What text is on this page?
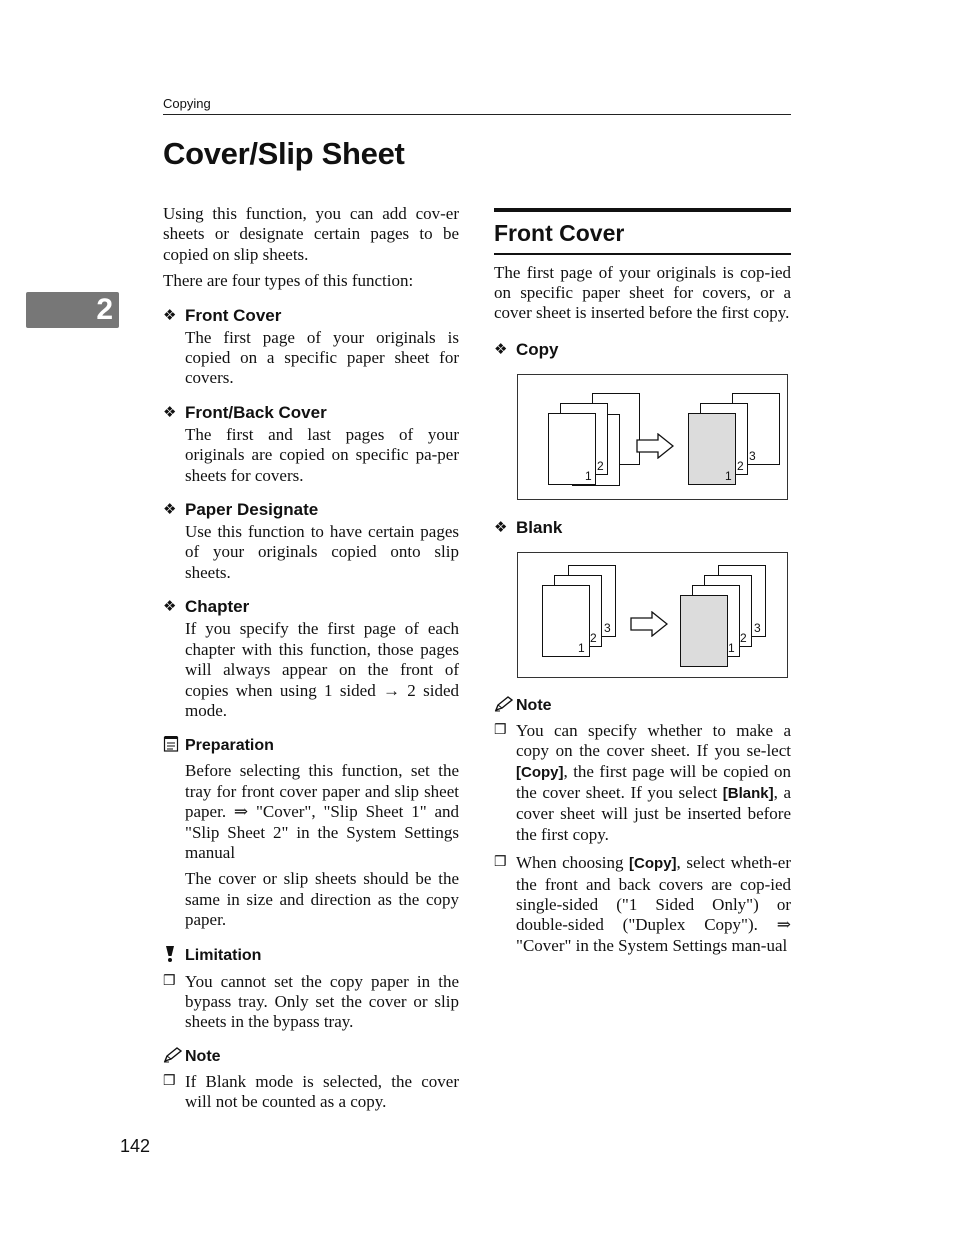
Copying
Cover/Slip Sheet
2

Using this function, you can add cov-er sheets or designate certain pages to be copied on slip sheets.

There are four types of this function:

❖ Front Cover

The first page of your originals is copied on a specific paper sheet for covers.

❖ Front/Back Cover

The first and last pages of your originals are copied on specific pa-per sheets for covers.

❖ Paper Designate

Use this function to have certain pages of your originals copied onto slip sheets.

❖ Chapter

If you specify the first page of each chapter with this function, those pages will always appear on the front of copies when using 1 sided → 2 sided mode.

Preparation

Before selecting this function, set the tray for front cover paper and slip sheet paper. ⇒ "Cover", "Slip Sheet 1" and "Slip Sheet 2" in the System Settings manual

The cover or slip sheets should be the same in size and direction as the copy paper.

Limitation
❒ You cannot set the copy paper in the bypass tray. Only set the cover or slip sheets in the bypass tray.

Note
❒ If Blank mode is selected, the cover will not be counted as a copy.

Front Cover

The first page of your originals is cop-ied on specific paper sheet for covers, or a cover sheet is inserted before the first copy.

❖ Copy
2
1
3
2
1
❖ Blank
3
2
1
3
2
1
Note
❒ You can specify whether to make a copy on the cover sheet. If you se-lect [Copy], the first page will be copied on the cover sheet. If you select [Blank], a cover sheet will just be inserted before the first copy.

❒ When choosing [Copy], select wheth-er the front and back covers are cop-ied single-sided ("1 Sided Only") or double-sided ("Duplex Copy"). ⇒ "Cover" in the System Settings man-ual

142
